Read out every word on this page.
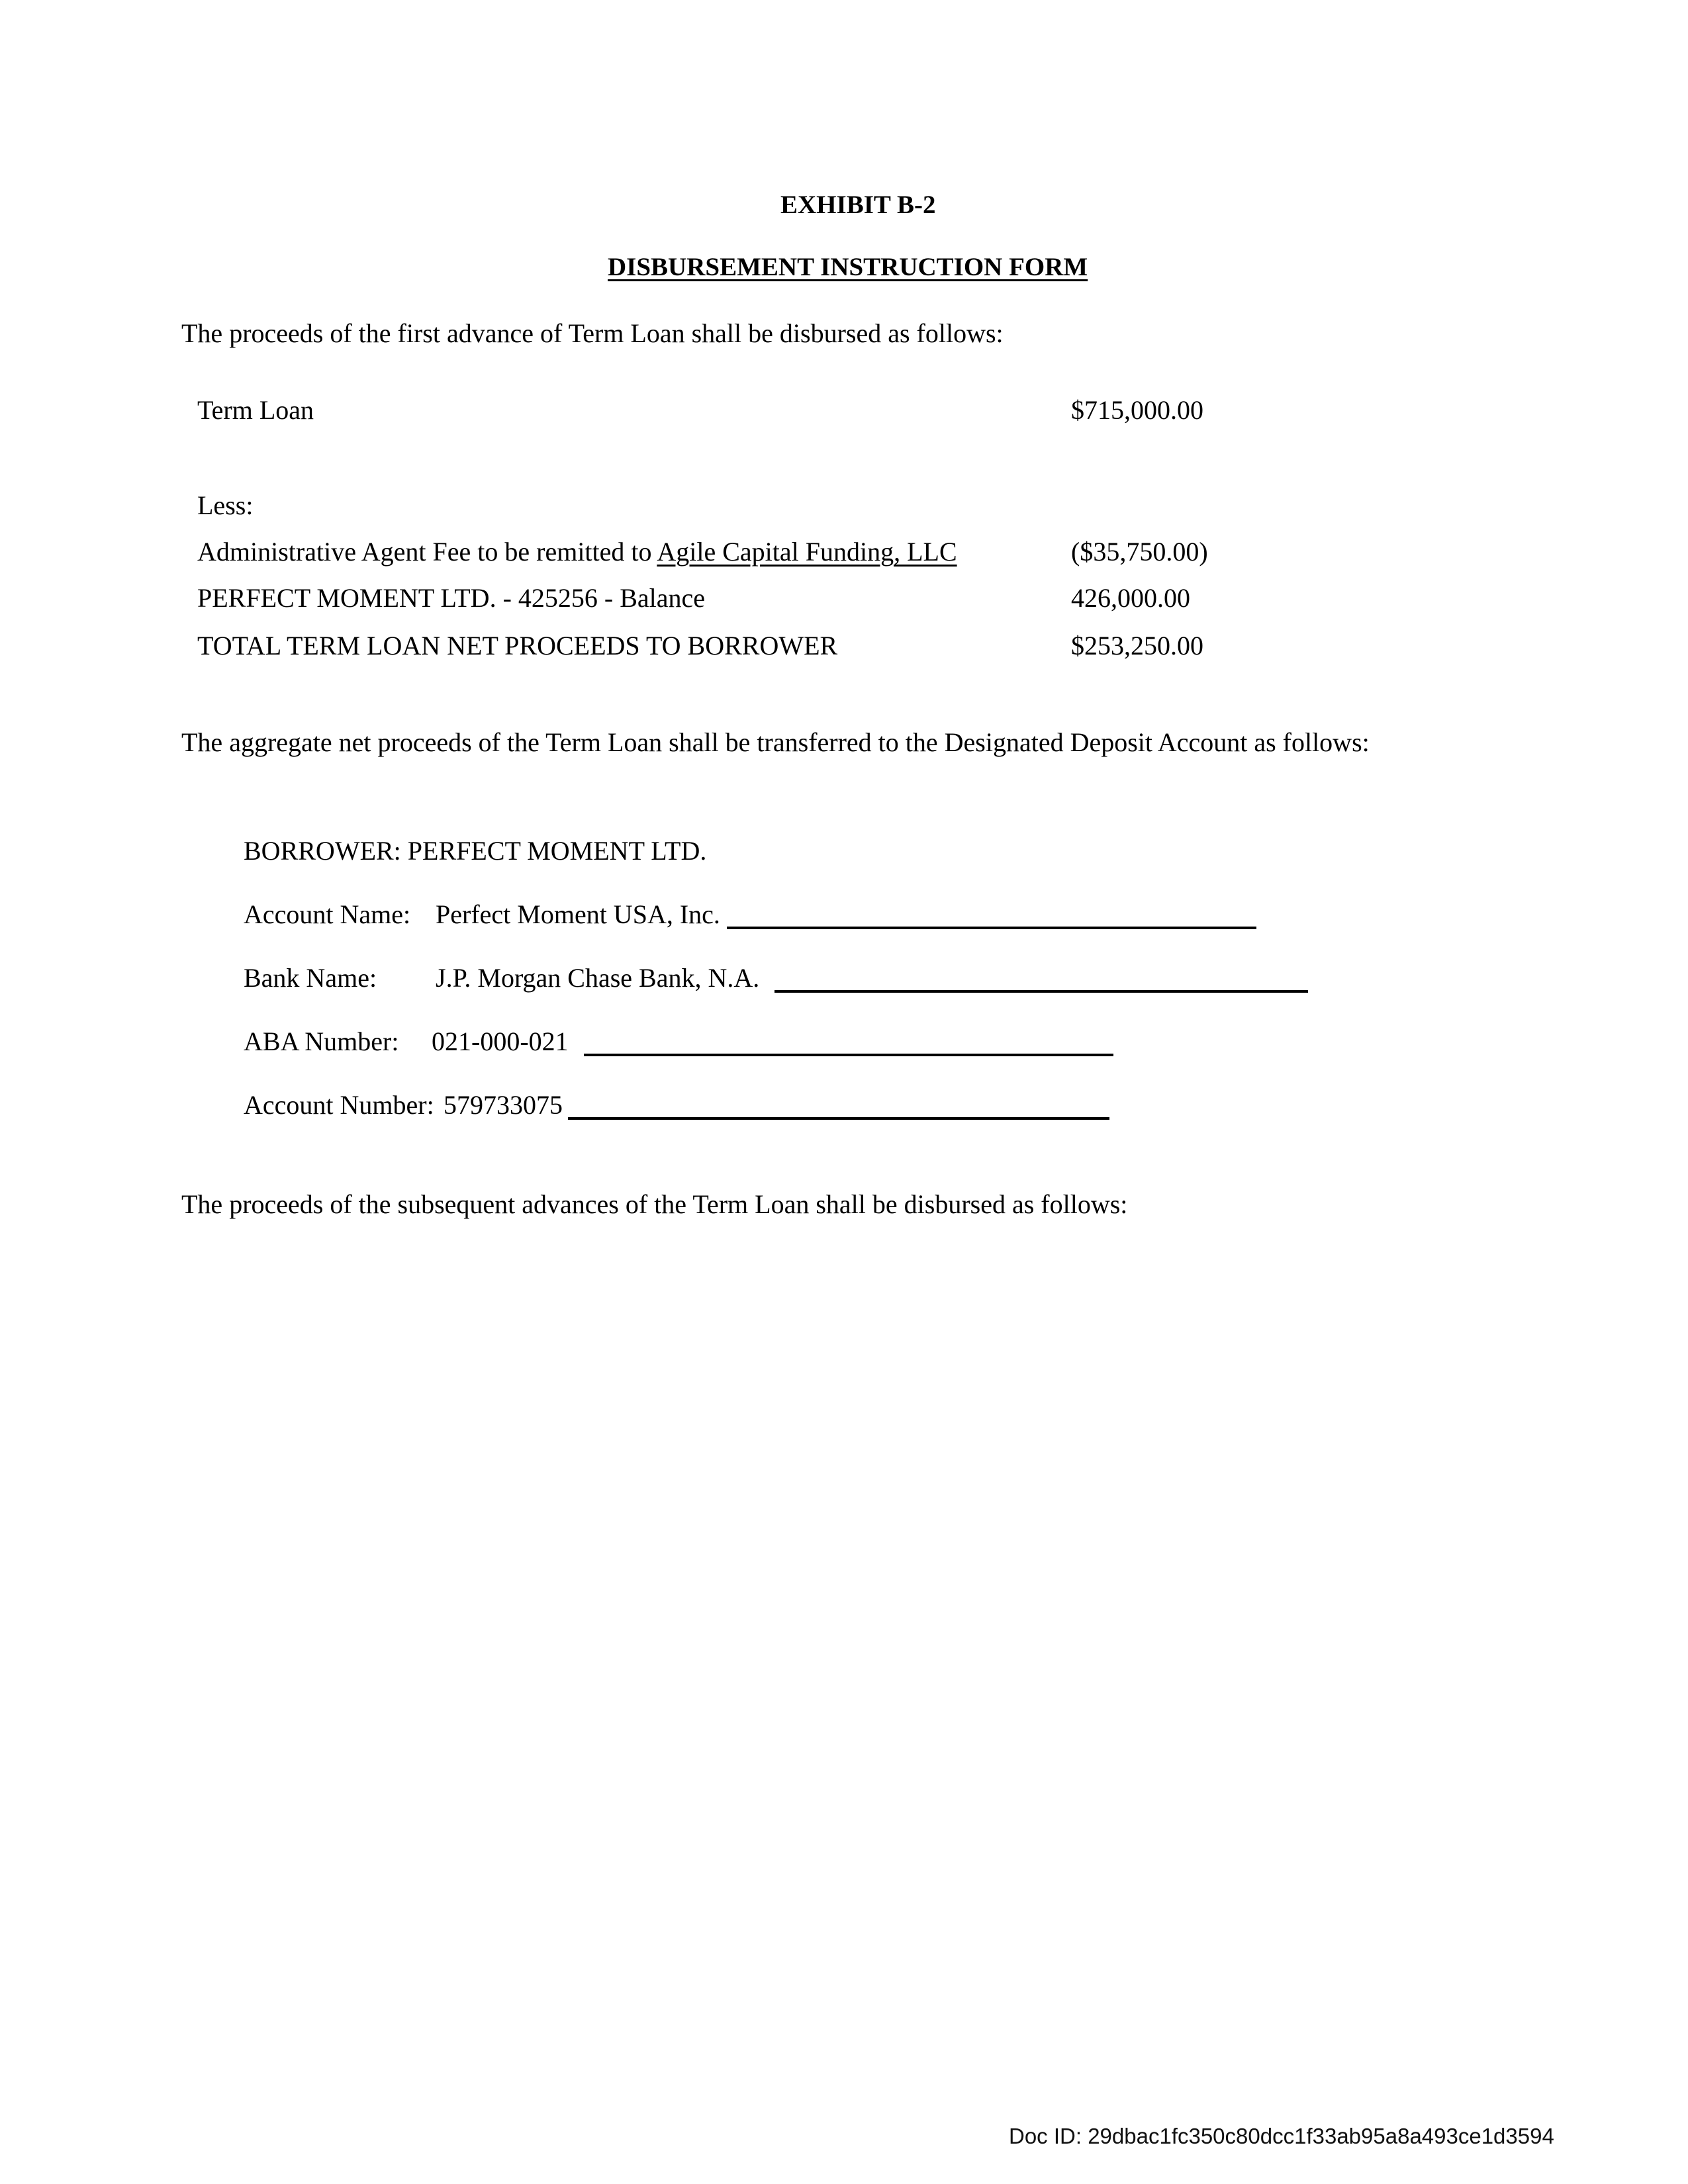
EXHIBIT B-2
DISBURSEMENT INSTRUCTION FORM
The proceeds of the first advance of Term Loan shall be disbursed as follows:
Term Loan	$715,000.00
Less:
Administrative Agent Fee to be remitted to Agile Capital Funding, LLC	($35,750.00)
PERFECT MOMENT LTD. - 425256 - Balance	426,000.00
TOTAL TERM LOAN NET PROCEEDS TO BORROWER	$253,250.00
The aggregate net proceeds of the Term Loan shall be transferred to the Designated Deposit Account as follows:
BORROWER: PERFECT MOMENT LTD.
Account Name: Perfect Moment USA, Inc.
Bank Name: J.P. Morgan Chase Bank, N.A.
ABA Number: 021-000-021
Account Number: 579733075
The proceeds of the subsequent advances of the Term Loan shall be disbursed as follows:
Doc ID: 29dbac1fc350c80dcc1f33ab95a8a493ce1d3594
